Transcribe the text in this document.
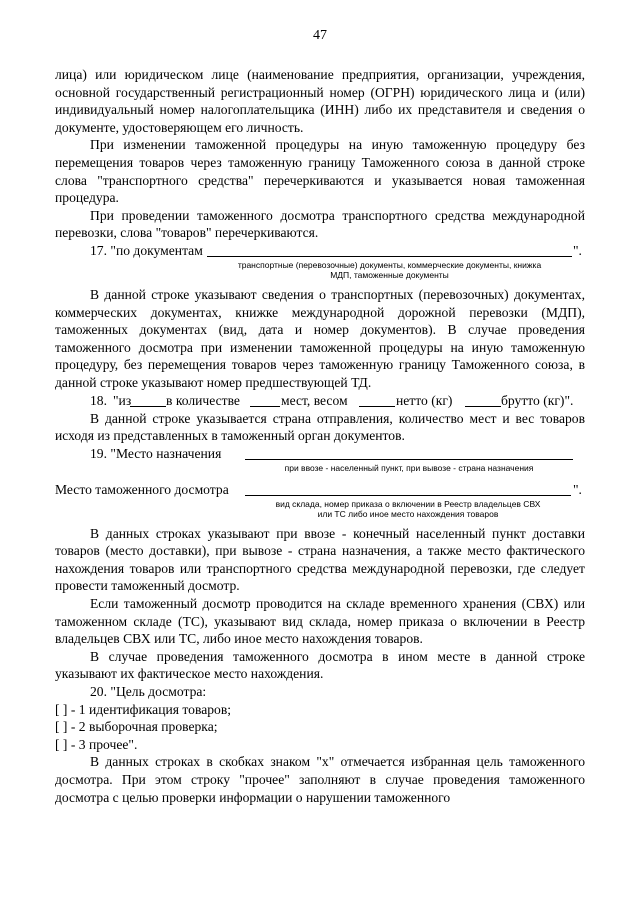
47

лица) или юридическом лице (наименование предприятия, организации, учреждения, основной государственный регистрационный номер (ОГРН) юридического лица и (или) индивидуальный номер налогоплательщика (ИНН) либо их представителя и сведения о документе, удостоверяющем его личность.

При изменении таможенной процедуры на иную таможенную процедуру без перемещения товаров через таможенную границу Таможенного союза в данной строке слова "транспортного средства" перечеркиваются и указывается новая таможенная процедура.

При проведении таможенного досмотра транспортного средства международной перевозки, слова "товаров" перечеркиваются.

17. "по документам	".
транспортные (перевозочные) документы, коммерческие документы, книжка
МДП, таможенные документы

В данной строке указывают сведения о транспортных (перевозочных) документах, коммерческих документах, книжке международной дорожной перевозки (МДП), таможенных документах (вид, дата и номер документов). В случае проведения таможенного досмотра при изменении таможенной процедуры на иную таможенную процедуру, без перемещения товаров через таможенную границу Таможенного союза, в данной строке указывают номер предшествующей ТД.

18. "из	в количестве	мест, весом	нетто (кг)	брутто (кг)".

В данной строке указывается страна отправления, количество мест и вес товаров исходя из представленных в таможенный орган документов.

19. "Место назначения
при ввозе - населенный пункт, при вывозе - страна назначения
Место таможенного досмотра	".
вид склада, номер приказа о включении в Реестр владельцев СВХ
или ТС либо иное место нахождения товаров

В данных строках указывают при ввозе - конечный населенный пункт доставки товаров (место доставки), при вывозе - страна назначения, а также место фактического нахождения товаров или транспортного средства международной перевозки, где следует провести таможенный досмотр.

Если таможенный досмотр проводится на складе временного хранения (СВХ) или таможенном складе (ТС), указывают вид склада, номер приказа о включении в Реестр владельцев СВХ или ТС, либо иное место нахождения товаров.

В случае проведения таможенного досмотра в ином месте в данной строке указывают их фактическое место нахождения.

20. "Цель досмотра:

[ ] - 1 идентификация товаров;

[ ] - 2 выборочная проверка;

[ ] - 3 прочее".

В данных строках в скобках знаком "х" отмечается избранная цель таможенного досмотра. При этом строку "прочее" заполняют в случае проведения таможенного досмотра с целью проверки информации о нарушении таможенного
